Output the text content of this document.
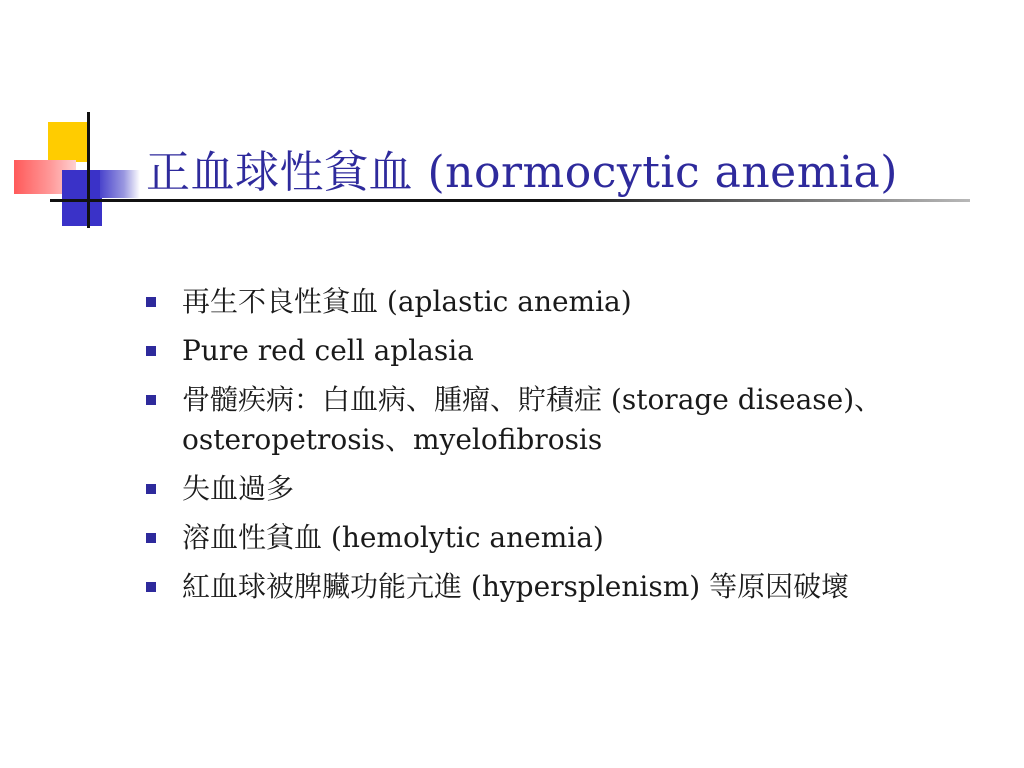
正血球性貧血 (normocytic anemia)
再生不良性貧血 (aplastic anemia)
Pure red cell aplasia
骨髓疾病：白血病、腫瘤、貯積症 (storage disease)、osteropetrosis、myelofibrosis
失血過多
溶血性貧血 (hemolytic anemia)
紅血球被脾臟功能亢進 (hypersplenism) 等原因破壞
